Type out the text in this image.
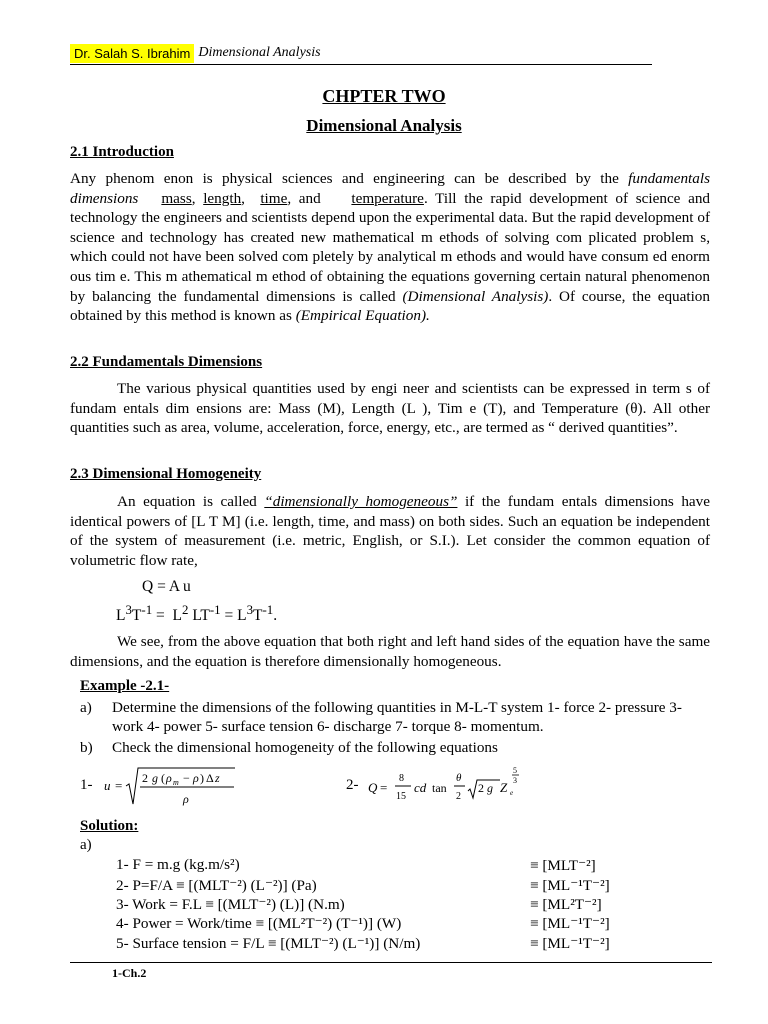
Dr. Salah S. Ibrahim Dimensional Analysis
CHPTER TWO
Dimensional Analysis
2.1 Introduction
Any phenom enon is physical sciences and engineering can be described by the fundamentals dimensions mass, length,  time, and temperature. Till the rapid development of science and technology the engineers and scientists depend upon the experimental data. But the rapid development of science and technology has created new mathematical m ethods of solving com plicated problem s, which could not have been solved com pletely by analytical m ethods and would have consum ed enorm ous tim e. This m athematical m ethod of obtaining the equations governing certain natural phenomenon by balancing the fundamental dimensions is called (Dimensional Analysis). Of course, the equation obtained by this method is known as (Empirical Equation).
2.2 Fundamentals Dimensions
The various physical quantities used by engi neer and scientists can be expressed in term s of fundam entals dim ensions are: Mass (M), Length (L ), Tim e (T), and Temperature (θ). All other quantities such as area, volume, acceleration, force, energy, etc., are termed as “ derived quantities”.
2.3 Dimensional Homogeneity
An equation is called “dimensionally homogeneous” if the fundam entals dimensions have identical powers of [L T M] (i.e. length, time, and mass) on both sides. Such an equation be independent of the system of measurement (i.e. metric, English, or S.I.). Let consider the common equation of volumetric flow rate,
Q = A u
$L^3T^{-1} = L^2$ $LT^{-1} = L^3T^{-1}$.
We see, from the above equation that both right and left hand sides of the equation have the same dimensions, and the equation is therefore dimensionally homogeneous.
Example -2.1-
a) Determine the dimensions of the following quantities in M-L-T system 1- force 2- pressure 3- work 4- power 5- surface tension 6- discharge 7- torque 8- momentum.
b) Check the dimensional homogeneity of the following equations
1- u = 2 g ( ρ m − ρ ) Δ z
ρ
2- Q =
8
15
cd tan
θ
2
2 g Z e
5
3
Solution:
a)
1- F = m.g (kg.m/s²)	≡ [MLT⁻²]
2- P=F/A ≡ [(MLT⁻²) (L⁻²)] (Pa)	≡ [ML⁻¹T⁻²]
3- Work = F.L ≡ [(MLT⁻²) (L)] (N.m)	≡ [ML²T⁻²]
4- Power = Work/time ≡ [(ML²T⁻²) (T⁻¹)] (W)	≡ [ML⁻¹T⁻²]
5- Surface tension = F/L ≡ [(MLT⁻²) (L⁻¹)] (N/m)	≡ [ML⁻¹T⁻²]
1-Ch.2
